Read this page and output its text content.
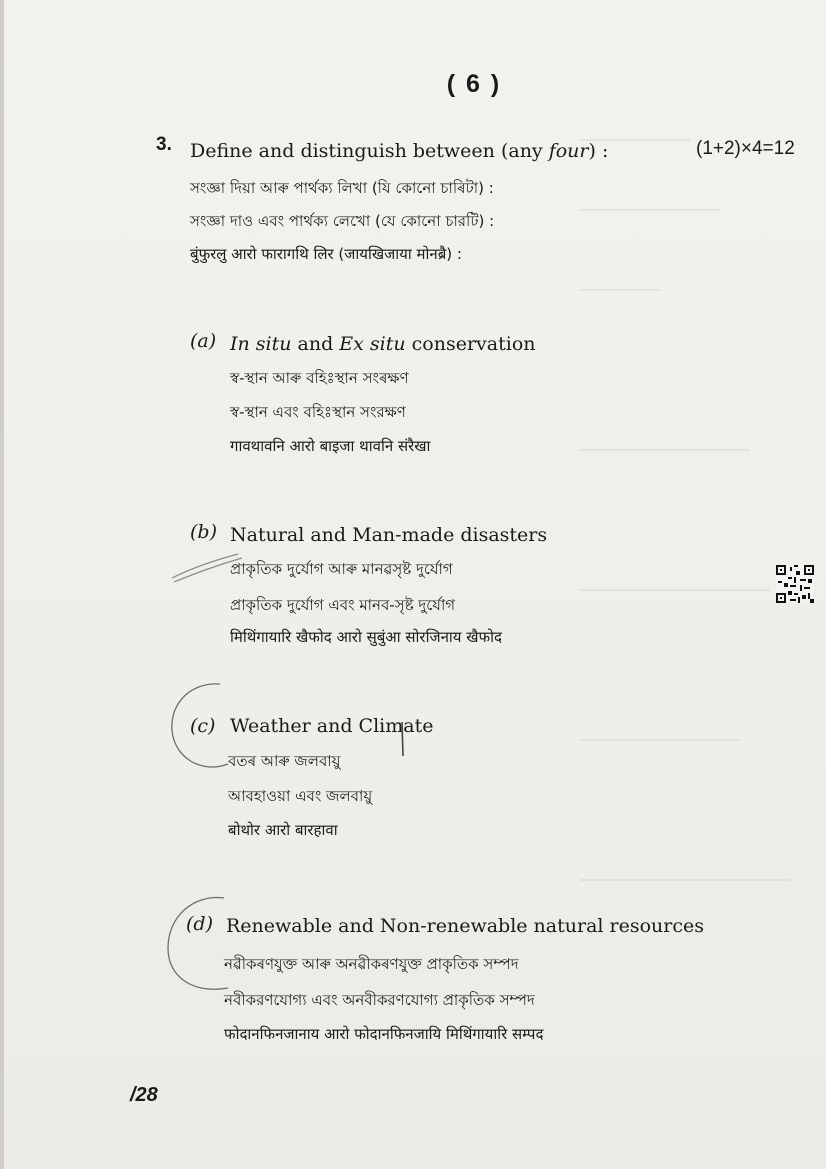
( 6 )
3. Define and distinguish between (any four) :	(1+2)×4=12
সংজ্ঞা দিয়া আৰু পাৰ্থক্য লিখা (যি কোনো চাৰিটা) :
সংজ্ঞা দাও এবং পার্থক্য লেখো (যে কোনো চারটি) :
बुंफुरलु आरो फारागथि लिर (जायखिजाया मोनब्रै) :
(a) In situ and Ex situ conservation
স্ব-স্থান আৰু বহিঃস্থান সংৰক্ষণ
স্ব-স্থান এবং বহিঃস্থান সংরক্ষণ
गावथावनि आरो बाइजा थावनि संरैखा
(b) Natural and Man-made disasters
প্ৰাকৃতিক দুৰ্যোগ আৰু মানৱসৃষ্ট দুৰ্যোগ
প্রাকৃতিক দুর্যোগ এবং মানব-সৃষ্ট দুর্যোগ
मिथिंगायारि खैफोद आरो सुबुंआ सोरजिनाय खैफोद
(c) Weather and Climate
বতৰ আৰু জলবায়ু
আবহাওয়া এবং জলবায়ু
बोथोर आरो बारहावा
(d) Renewable and Non-renewable natural resources
নৱীকৰণযুক্ত আৰু অনৱীকৰণযুক্ত প্ৰাকৃতিক সম্পদ
নবীকরণযোগ্য এবং অনবীকরণযোগ্য প্রাকৃতিক সম্পদ
फोदानफिनजानाय आरो फोदानफिनजायि मिथिंगायारि सम्पद
/28
